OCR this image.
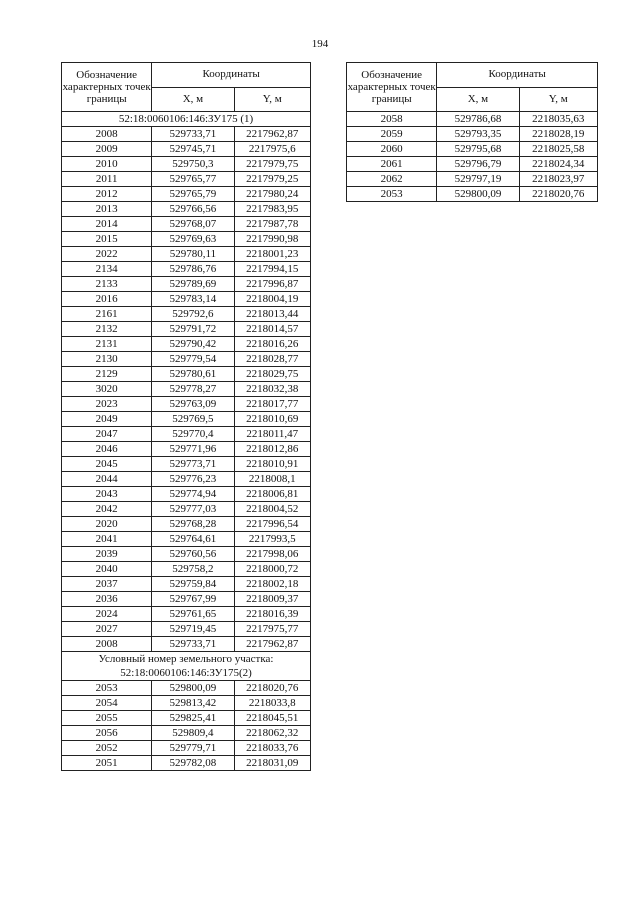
194
Обозначение характерных точек границы	Координаты	
	X, м	Y, м
52:18:0060106:146:ЗУ175 (1)		
2008	529733,71	2217962,87
2009	529745,71	2217975,6
2010	529750,3	2217979,75
2011	529765,77	2217979,25
2012	529765,79	2217980,24
2013	529766,56	2217983,95
2014	529768,07	2217987,78
2015	529769,63	2217990,98
2022	529780,11	2218001,23
2134	529786,76	2217994,15
2133	529789,69	2217996,87
2016	529783,14	2218004,19
2161	529792,6	2218013,44
2132	529791,72	2218014,57
2131	529790,42	2218016,26
2130	529779,54	2218028,77
2129	529780,61	2218029,75
3020	529778,27	2218032,38
2023	529763,09	2218017,77
2049	529769,5	2218010,69
2047	529770,4	2218011,47
2046	529771,96	2218012,86
2045	529773,71	2218010,91
2044	529776,23	2218008,1
2043	529774,94	2218006,81
2042	529777,03	2218004,52
2020	529768,28	2217996,54
2041	529764,61	2217993,5
2039	529760,56	2217998,06
2040	529758,2	2218000,72
2037	529759,84	2218002,18
2036	529767,99	2218009,37
2024	529761,65	2218016,39
2027	529719,45	2217975,77
2008	529733,71	2217962,87
Условный номер земельного участка: 52:18:0060106:146:ЗУ175(2)		
2053	529800,09	2218020,76
2054	529813,42	2218033,8
2055	529825,41	2218045,51
2056	529809,4	2218062,32
2052	529779,71	2218033,76
2051	529782,08	2218031,09
Обозначение характерных точек границы	Координаты	
	X, м	Y, м
2058	529786,68	2218035,63
2059	529793,35	2218028,19
2060	529795,68	2218025,58
2061	529796,79	2218024,34
2062	529797,19	2218023,97
2053	529800,09	2218020,76
